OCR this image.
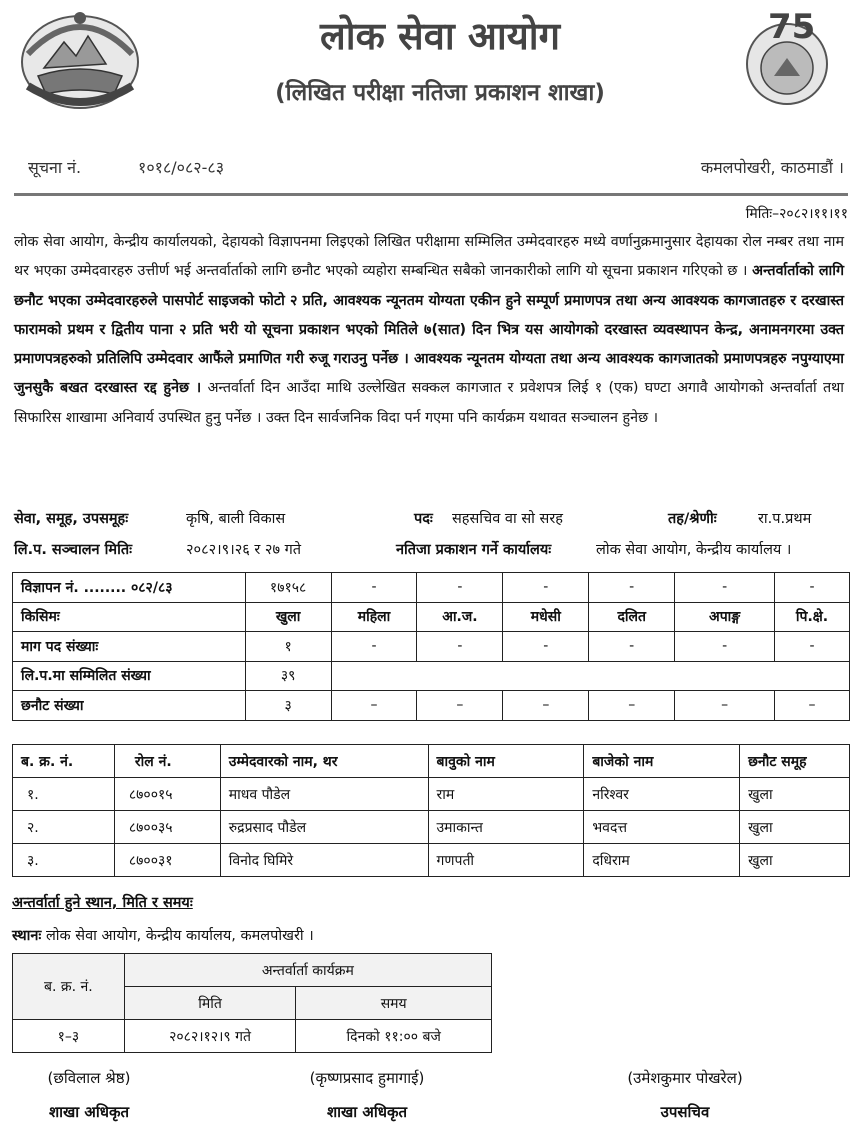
75
लोक सेवा आयोग
(लिखित परीक्षा नतिजा प्रकाशन शाखा)
सूचना नं.	१०१८/०८२-८३	कमलपोखरी, काठमाडौं ।
मितिः–२०८२।११।११
लोक सेवा आयोग, केन्द्रीय कार्यालयको, देहायको विज्ञापनमा लिइएको लिखित परीक्षामा सम्मिलित उम्मेदवारहरु मध्ये वर्णानुक्रमानुसार देहायका रोल नम्बर तथा नाम थर भएका उम्मेदवारहरु उत्तीर्ण भई अन्तर्वार्ताको लागि छनौट भएको व्यहोरा सम्बन्धित सबैको जानकारीको लागि यो सूचना प्रकाशन गरिएको छ । अन्तर्वार्ताको लागि छनौट भएका उम्मेदवारहरुले पासपोर्ट साइजको फोटो २ प्रति, आवश्यक न्यूनतम योग्यता एकीन हुने सम्पूर्ण प्रमाणपत्र तथा अन्य आवश्यक कागजातहरु र दरखास्त फारामको प्रथम र द्वितीय पाना २ प्रति भरी यो सूचना प्रकाशन भएको मितिले ७(सात) दिन भित्र यस आयोगको दरखास्त व्यवस्थापन केन्द्र, अनामनगरमा उक्त प्रमाणपत्रहरुको प्रतिलिपि उम्मेदवार आफैंले प्रमाणित गरी रुजू गराउनु पर्नेछ । आवश्यक न्यूनतम योग्यता तथा अन्य आवश्यक कागजातको प्रमाणपत्रहरु नपुग्याएमा जुनसुकै बखत दरखास्त रद्द हुनेछ । अन्तर्वार्ता दिन आउँदा माथि उल्लेखित सक्कल कागजात र प्रवेशपत्र लिई १ (एक) घण्टा अगावै आयोगको अन्तर्वार्ता तथा सिफारिस शाखामा अनिवार्य उपस्थित हुनु पर्नेछ । उक्त दिन सार्वजनिक विदा पर्न गएमा पनि कार्यक्रम यथावत सञ्चालन हुनेछ ।
सेवा, समूह, उपसमूहः	कृषि, बाली विकास	पदः सहसचिव वा सो सरह	तह/श्रेणीः	रा.प.प्रथम
लि.प. सञ्चालन मितिः	२०८२।९।२६ र २७ गते	नतिजा प्रकाशन गर्ने कार्यालयः	लोक सेवा आयोग, केन्द्रीय कार्यालय ।
विज्ञापन नं. ........ ०८२/८३	१७१५८	-	-	-	-	-	-
किसिमः	खुला	महिला	आ.ज.	मधेसी	दलित	अपाङ्ग	पि.क्षे.
माग पद संख्याः	१	-	-	-	-	-	-
लि.प.मा सम्मिलित संख्या	३९						
छनौट संख्या	३	–	–	–	–	–	–
ब. क्र. नं.	रोल नं.	उम्मेदवारको नाम, थर	बावुको नाम	बाजेको नाम	छनौट समूह
१.	८७००१५	माधव पौडेल	राम	नरिश्वर	खुला
२.	८७००३५	रुद्रप्रसाद पौडेल	उमाकान्त	भवदत्त	खुला
३.	८७००३१	विनोद घिमिरे	गणपती	दधिराम	खुला
अन्तर्वार्ता हुने स्थान, मिति र समयः
स्थानः लोक सेवा आयोग, केन्द्रीय कार्यालय, कमलपोखरी ।
ब. क्र. नं.	अन्तर्वार्ता कार्यक्रम	
	मिति	समय
१–३	२०८२।१२।९ गते	दिनको ११:०० बजे
(छविलाल श्रेष्ठ)
शाखा अधिकृत
(कृष्णप्रसाद हुमागाई)
शाखा अधिकृत
(उमेशकुमार पोखरेल)
उपसचिव
